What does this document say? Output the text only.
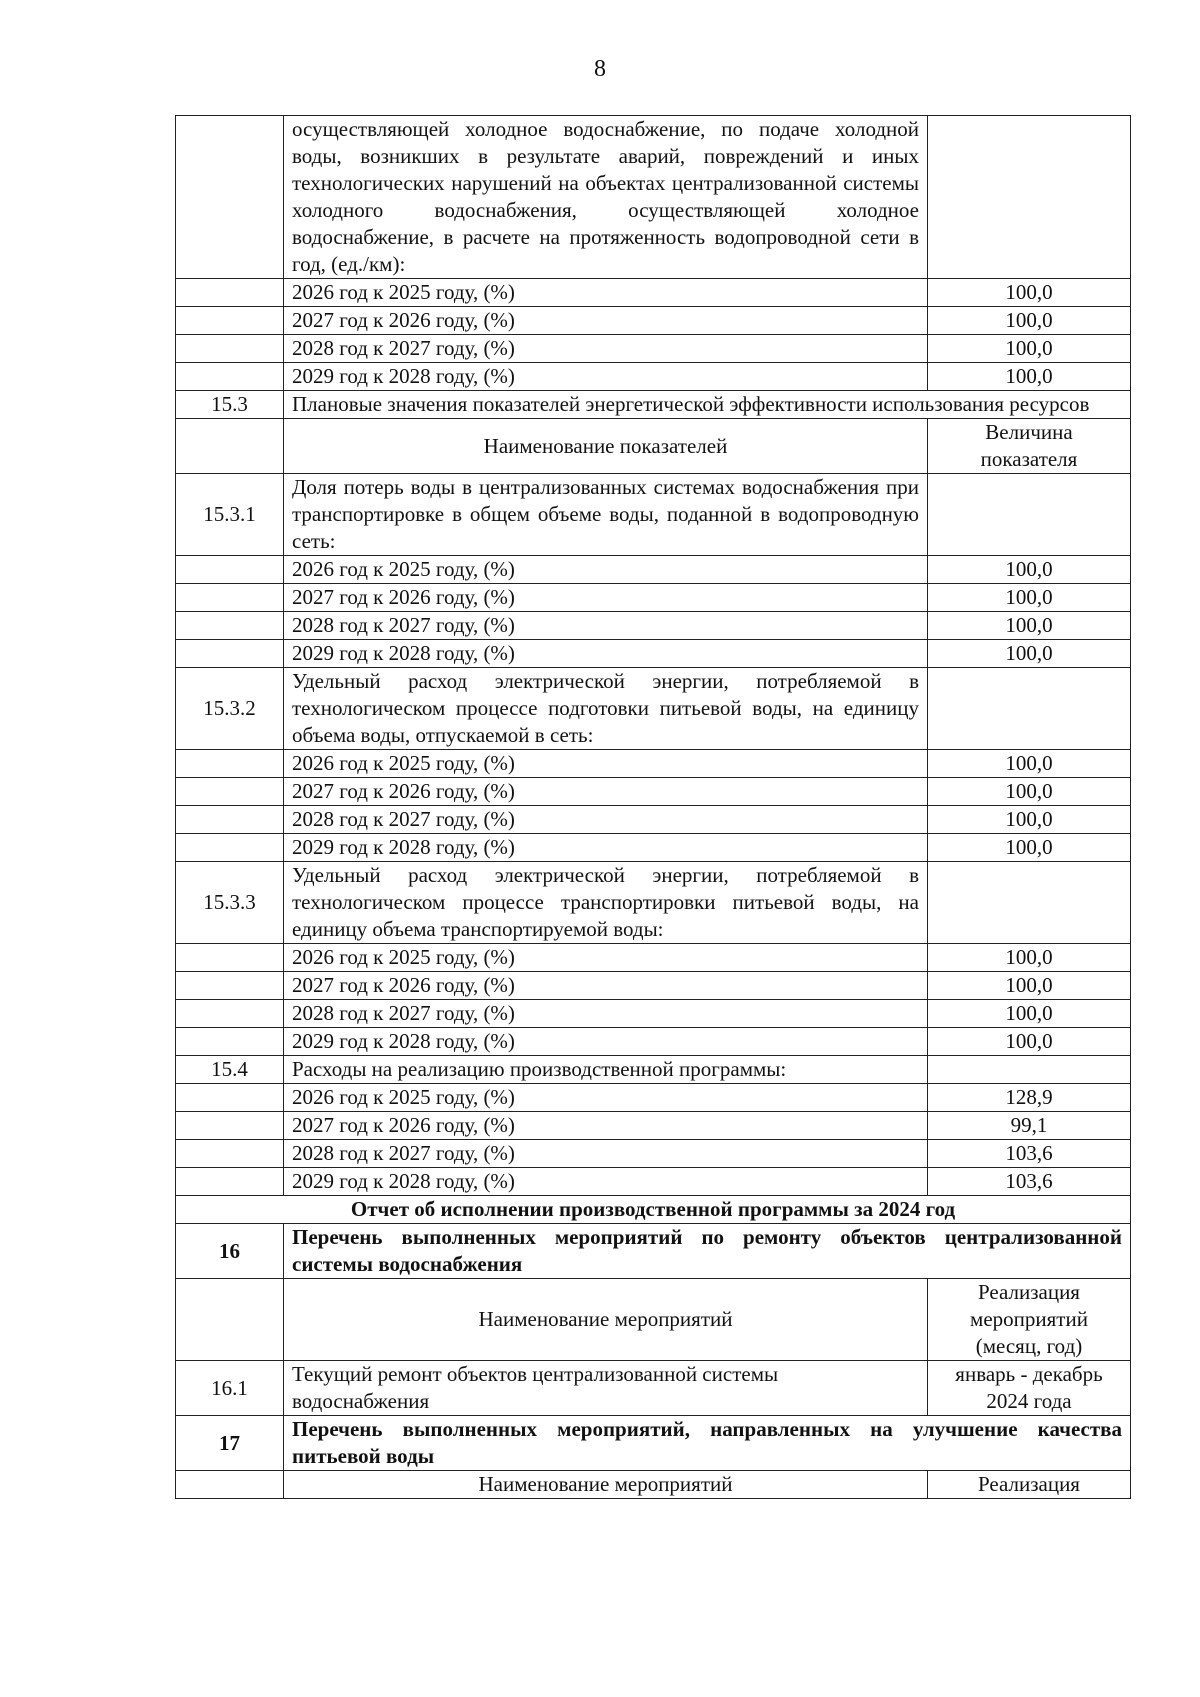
8
	осуществляющей холодное водоснабжение, по подаче холодной воды, возникших в результате аварий, повреждений и иных технологических нарушений на объектах централизованной системы холодного водоснабжения, осуществляющей холодное водоснабжение, в расчете на протяженность водопроводной сети в год, (ед./км):	
	2026 год к 2025 году, (%)	100,0
	2027 год к 2026 году, (%)	100,0
	2028 год к 2027 году, (%)	100,0
	2029 год к 2028 году, (%)	100,0
15.3	Плановые значения показателей энергетической эффективности использования ресурсов	
	Наименование показателей	Величина показателя
15.3.1	Доля потерь воды в централизованных системах водоснабжения при транспортировке в общем объеме воды, поданной в водопроводную сеть:	
	2026 год к 2025 году, (%)	100,0
	2027 год к 2026 году, (%)	100,0
	2028 год к 2027 году, (%)	100,0
	2029 год к 2028 году, (%)	100,0
15.3.2	Удельный расход электрической энергии, потребляемой в технологическом процессе подготовки питьевой воды, на единицу объема воды, отпускаемой в сеть:	
	2026 год к 2025 году, (%)	100,0
	2027 год к 2026 году, (%)	100,0
	2028 год к 2027 году, (%)	100,0
	2029 год к 2028 году, (%)	100,0
15.3.3	Удельный расход электрической энергии, потребляемой в технологическом процессе транспортировки питьевой воды, на единицу объема транспортируемой воды:	
	2026 год к 2025 году, (%)	100,0
	2027 год к 2026 году, (%)	100,0
	2028 год к 2027 году, (%)	100,0
	2029 год к 2028 году, (%)	100,0
15.4	Расходы на реализацию производственной программы:	
	2026 год к 2025 году, (%)	128,9
	2027 год к 2026 году, (%)	99,1
	2028 год к 2027 году, (%)	103,6
	2029 год к 2028 году, (%)	103,6
Отчет об исполнении производственной программы за 2024 год		
16	Перечень выполненных мероприятий по ремонту объектов централизованной системы водоснабжения	
	Наименование мероприятий	Реализация мероприятий (месяц, год)
16.1	Текущий ремонт объектов централизованной системы водоснабжения	январь - декабрь 2024 года
17	Перечень выполненных мероприятий, направленных на улучшение качества питьевой воды	
	Наименование мероприятий	Реализация
